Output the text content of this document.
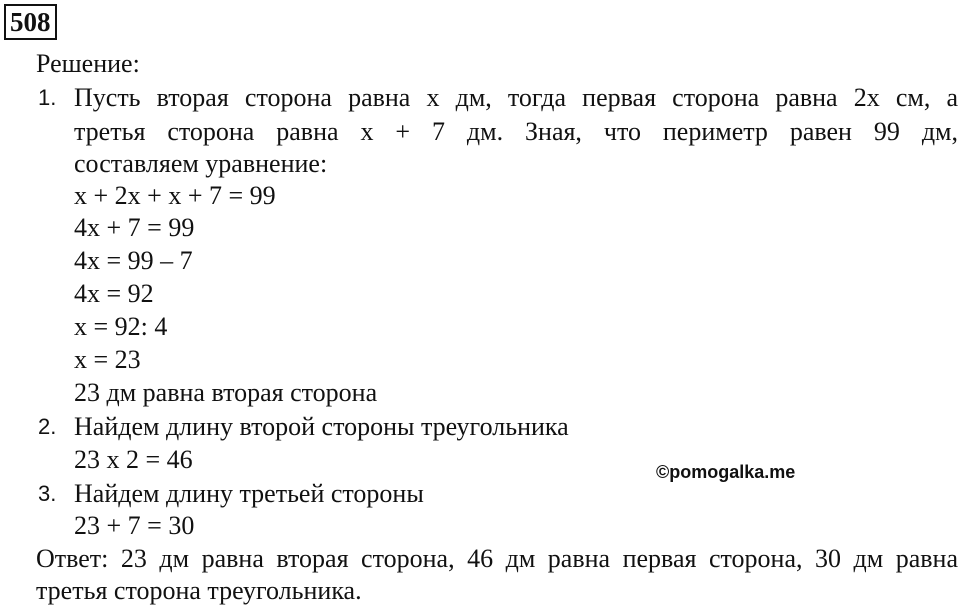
508
Решение:
1. Пусть вторая сторона равна х дм, тогда первая сторона равна 2х см, а
третья сторона равна х + 7 дм. Зная, что периметр равен 99 дм,
составляем уравнение:
х + 2х + х + 7 = 99
4х + 7 = 99
4х = 99 – 7
4х = 92
х = 92: 4
х = 23
23 дм равна вторая сторона
2. Найдем длину второй стороны треугольника
23 х 2 = 46	©pomogalka.me
3. Найдем длину третьей стороны
23 + 7 = 30
Ответ: 23 дм равна вторая сторона, 46 дм равна первая сторона, 30 дм равна
третья сторона треугольника.
